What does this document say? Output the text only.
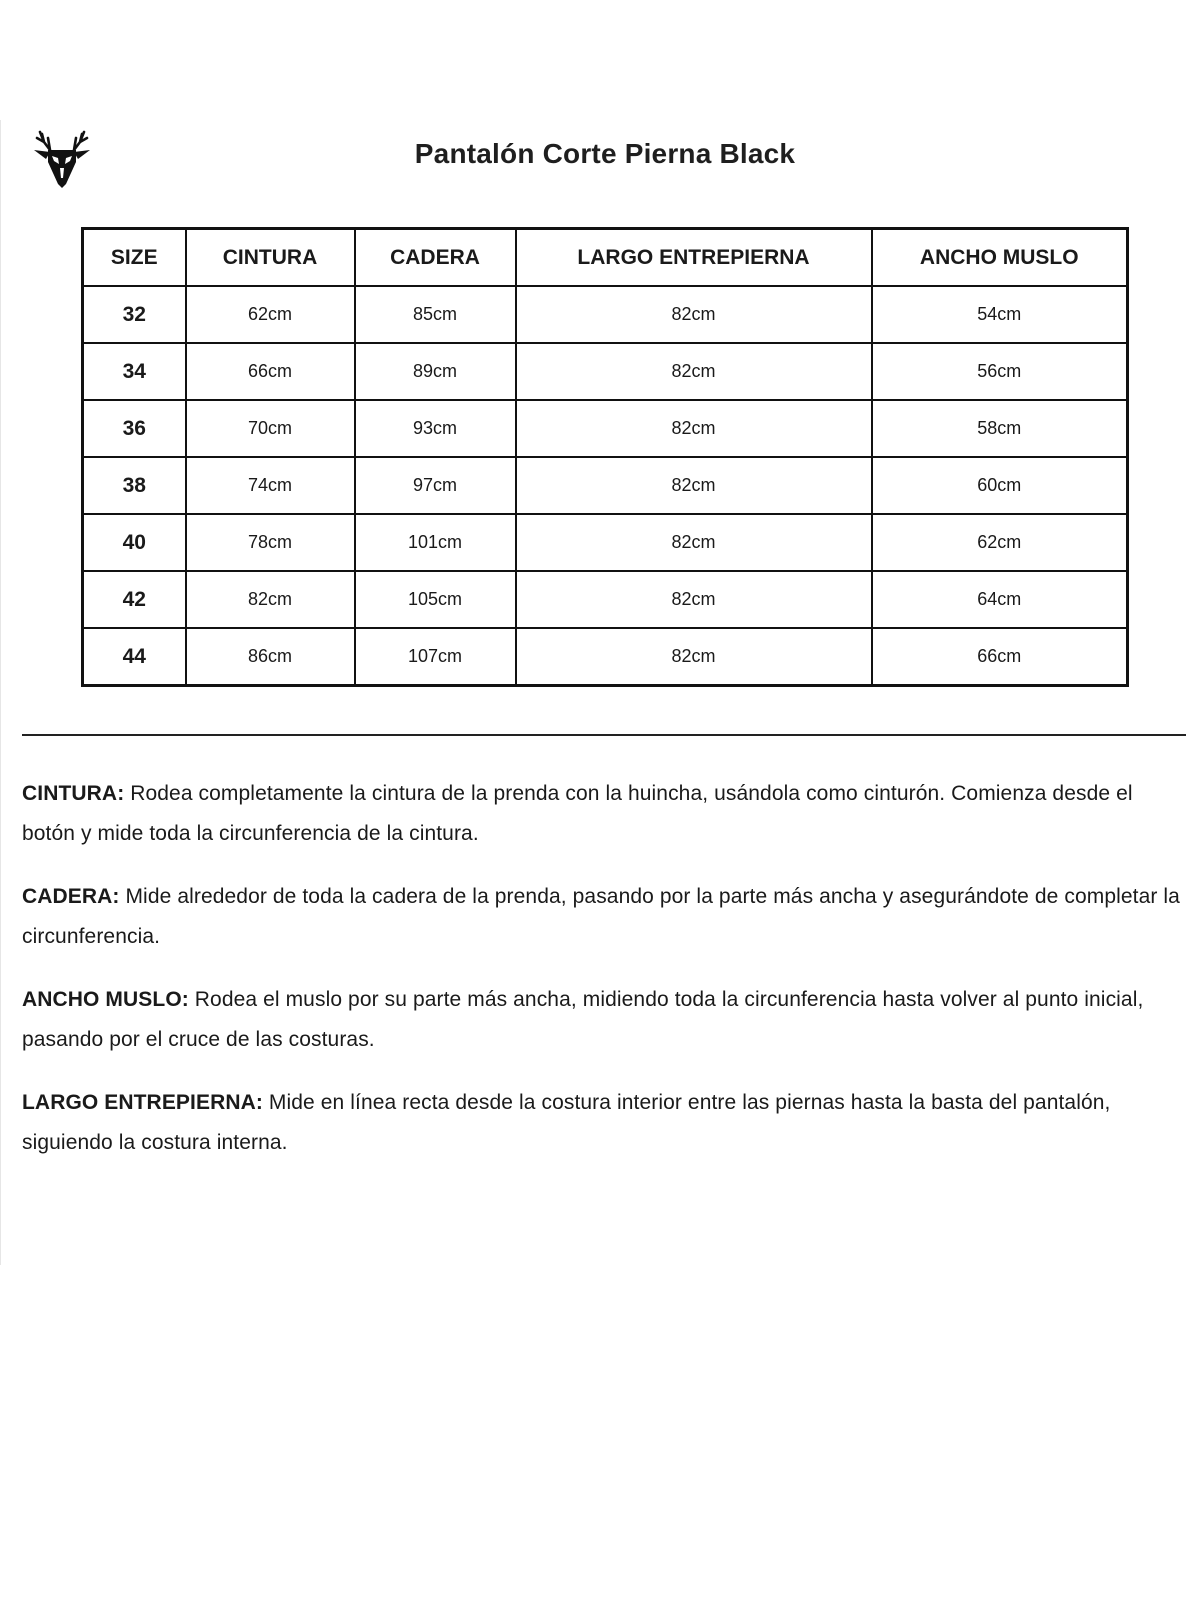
Pantalón Corte Pierna Black
SIZE	CINTURA	CADERA	LARGO ENTREPIERNA	ANCHO MUSLO
32	62cm	85cm	82cm	54cm
34	66cm	89cm	82cm	56cm
36	70cm	93cm	82cm	58cm
38	74cm	97cm	82cm	60cm
40	78cm	101cm	82cm	62cm
42	82cm	105cm	82cm	64cm
44	86cm	107cm	82cm	66cm

CINTURA: Rodea completamente la cintura de la prenda con la huincha, usándola como cinturón. Comienza desde el botón y mide toda la circunferencia de la cintura.

CADERA: Mide alrededor de toda la cadera de la prenda, pasando por la parte más ancha y asegurándote de completar la circunferencia.

ANCHO MUSLO: Rodea el muslo por su parte más ancha, midiendo toda la circunferencia hasta volver al punto inicial, pasando por el cruce de las costuras.

LARGO ENTREPIERNA: Mide en línea recta desde la costura interior entre las piernas hasta la basta del pantalón, siguiendo la costura interna.
